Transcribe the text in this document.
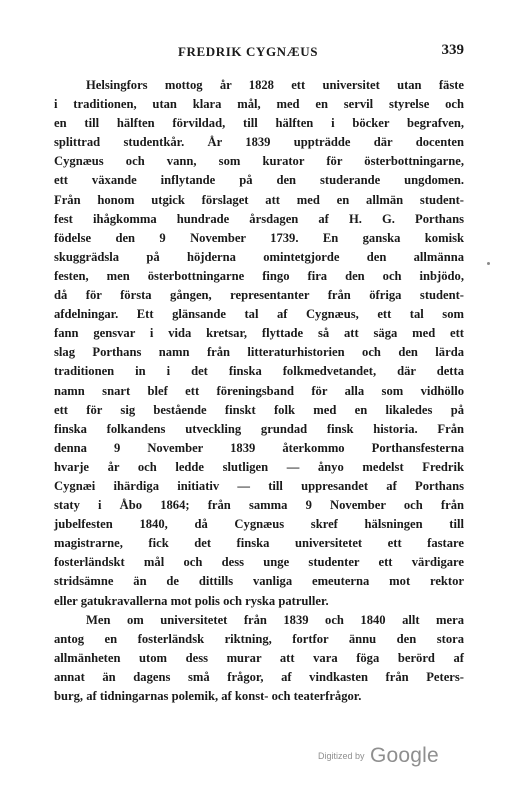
FREDRIK CYGNÆUS	339
Helsingfors mottog år 1828 ett universitet utan fäste
i traditionen, utan klara mål, med en servil styrelse och
en till hälften förvildad, till hälften i böcker begrafven,
splittrad studentkår. År 1839 uppträdde där docenten
Cygnæus och vann, som kurator för österbottningarne,
ett växande inflytande på den studerande ungdomen.
Från honom utgick förslaget att med en allmän student-
fest ihågkomma hundrade årsdagen af H. G. Porthans
födelse den 9 November 1739. En ganska komisk
skuggrädsla på höjderna omintetgjorde den allmänna
festen, men österbottningarne fingo fira den och inbjödo,
då för första gången, representanter från öfriga student-
afdelningar. Ett glänsande tal af Cygnæus, ett tal som
fann gensvar i vida kretsar, flyttade så att säga med ett
slag Porthans namn från litteraturhistorien och den lärda
traditionen in i det finska folkmedvetandet, där detta
namn snart blef ett föreningsband för alla som vidhöllo
ett för sig bestående finskt folk med en likaledes på
finska folkandens utveckling grundad finsk historia. Från
denna 9 November 1839 återkommo Porthansfesterna
hvarje år och ledde slutligen — ånyo medelst Fredrik
Cygnæi ihärdiga initiativ — till uppresandet af Porthans
staty i Åbo 1864; från samma 9 November och från
jubelfesten 1840, då Cygnæus skref hälsningen till
magistrarne, fick det finska universitetet ett fastare
fosterländskt mål och dess unge studenter ett värdigare
stridsämne än de dittills vanliga emeuterna mot rektor
eller gatukravallerna mot polis och ryska patruller.
Men om universitetet från 1839 och 1840 allt mera
antog en fosterländsk riktning, fortfor ännu den stora
allmänheten utom dess murar att vara föga berörd af
annat än dagens små frågor, af vindkasten från Peters-
burg, af tidningarnas polemik, af konst- och teaterfrågor.
Digitized by Google
